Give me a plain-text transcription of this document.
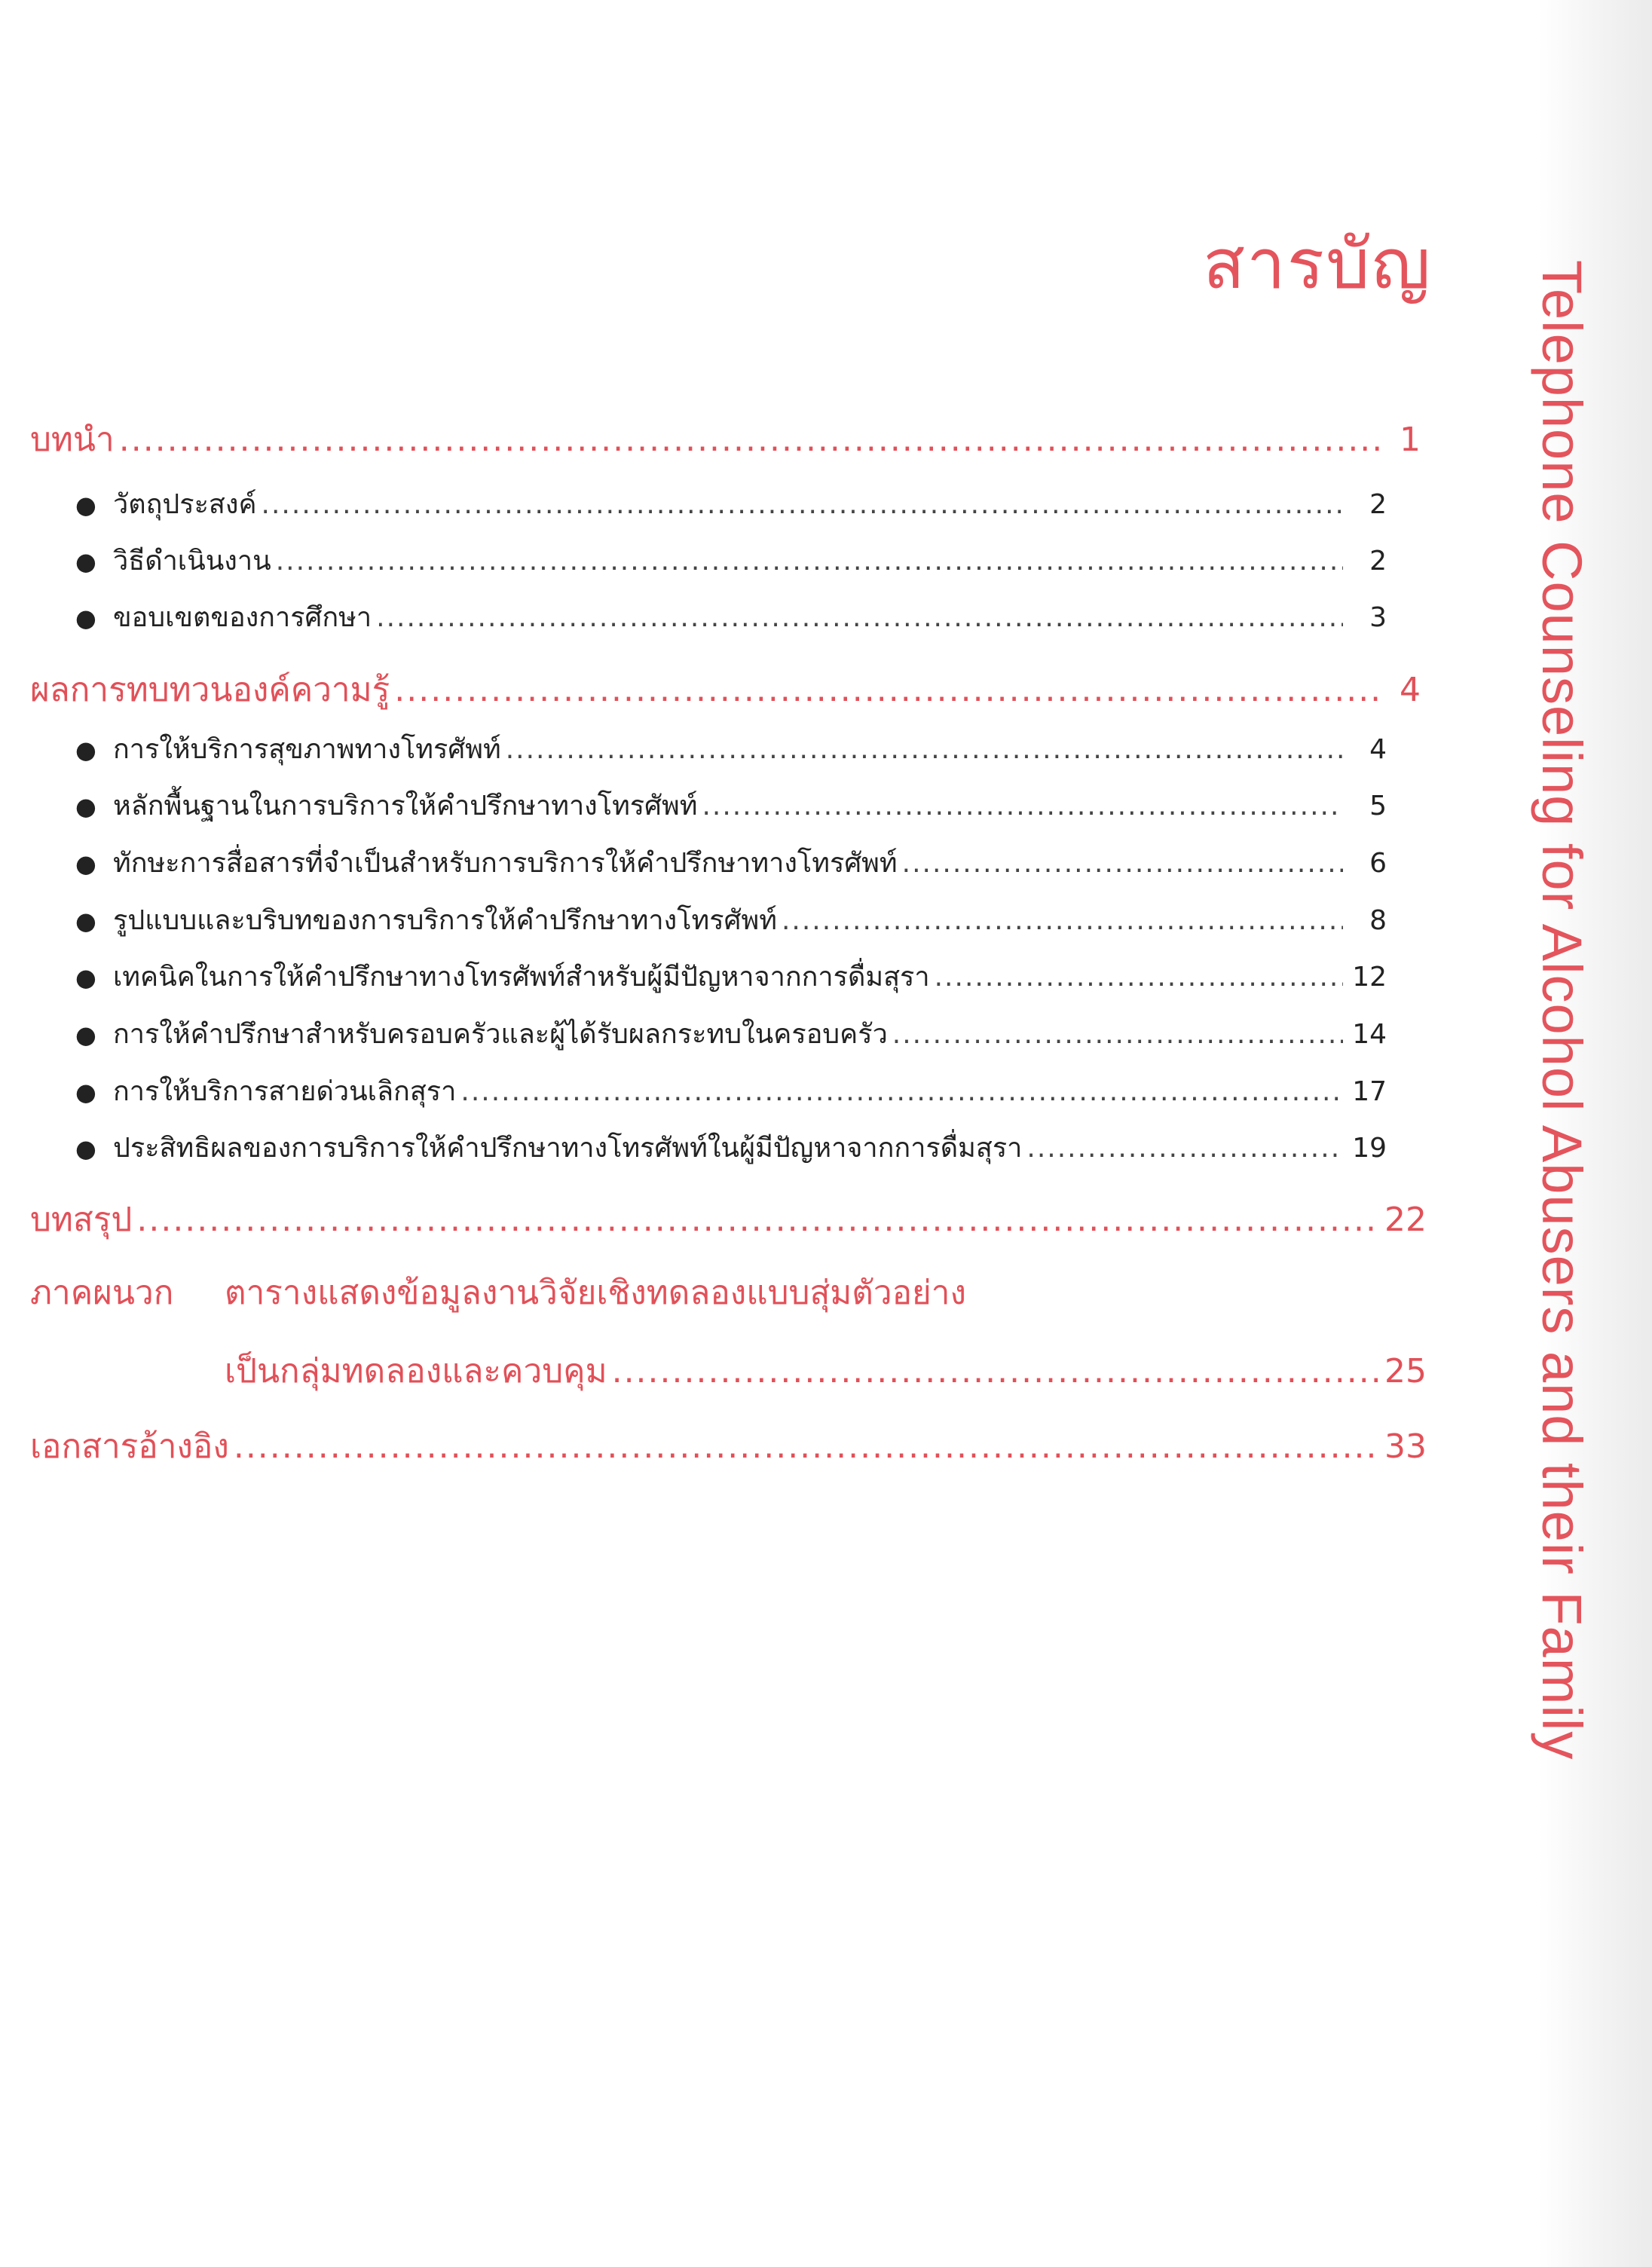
สารบัญ Telephone Counseling for Alcohol Abusers and their Family
บทนำ .....	1
● วัตถุประสงค์ .....	2
● วิธีดำเนินงาน .....	2
● ขอบเขตของการศึกษา .....	3
ผลการทบทวนองค์ความรู้ .....	4
● การให้บริการสุขภาพทางโทรศัพท์ .....	4
● หลักพื้นฐานในการบริการให้คำปรึกษาทางโทรศัพท์ .....	5
● ทักษะการสื่อสารที่จำเป็นสำหรับการบริการให้คำปรึกษาทางโทรศัพท์ .....	6
● รูปแบบและบริบทของการบริการให้คำปรึกษาทางโทรศัพท์ .....	8
● เทคนิคในการให้คำปรึกษาทางโทรศัพท์สำหรับผู้มีปัญหาจากการดื่มสุรา .....	12
● การให้คำปรึกษาสำหรับครอบครัวและผู้ได้รับผลกระทบในครอบครัว .....	14
● การให้บริการสายด่วนเลิกสุรา .....	17
● ประสิทธิผลของการบริการให้คำปรึกษาทางโทรศัพท์ในผู้มีปัญหาจากการดื่มสุรา .....	19
บทสรุป .....	22
ภาคผนวก ตารางแสดงข้อมูลงานวิจัยเชิงทดลองแบบสุ่มตัวอย่าง
เป็นกลุ่มทดลองและควบคุม .....	25
เอกสารอ้างอิง .....	33
